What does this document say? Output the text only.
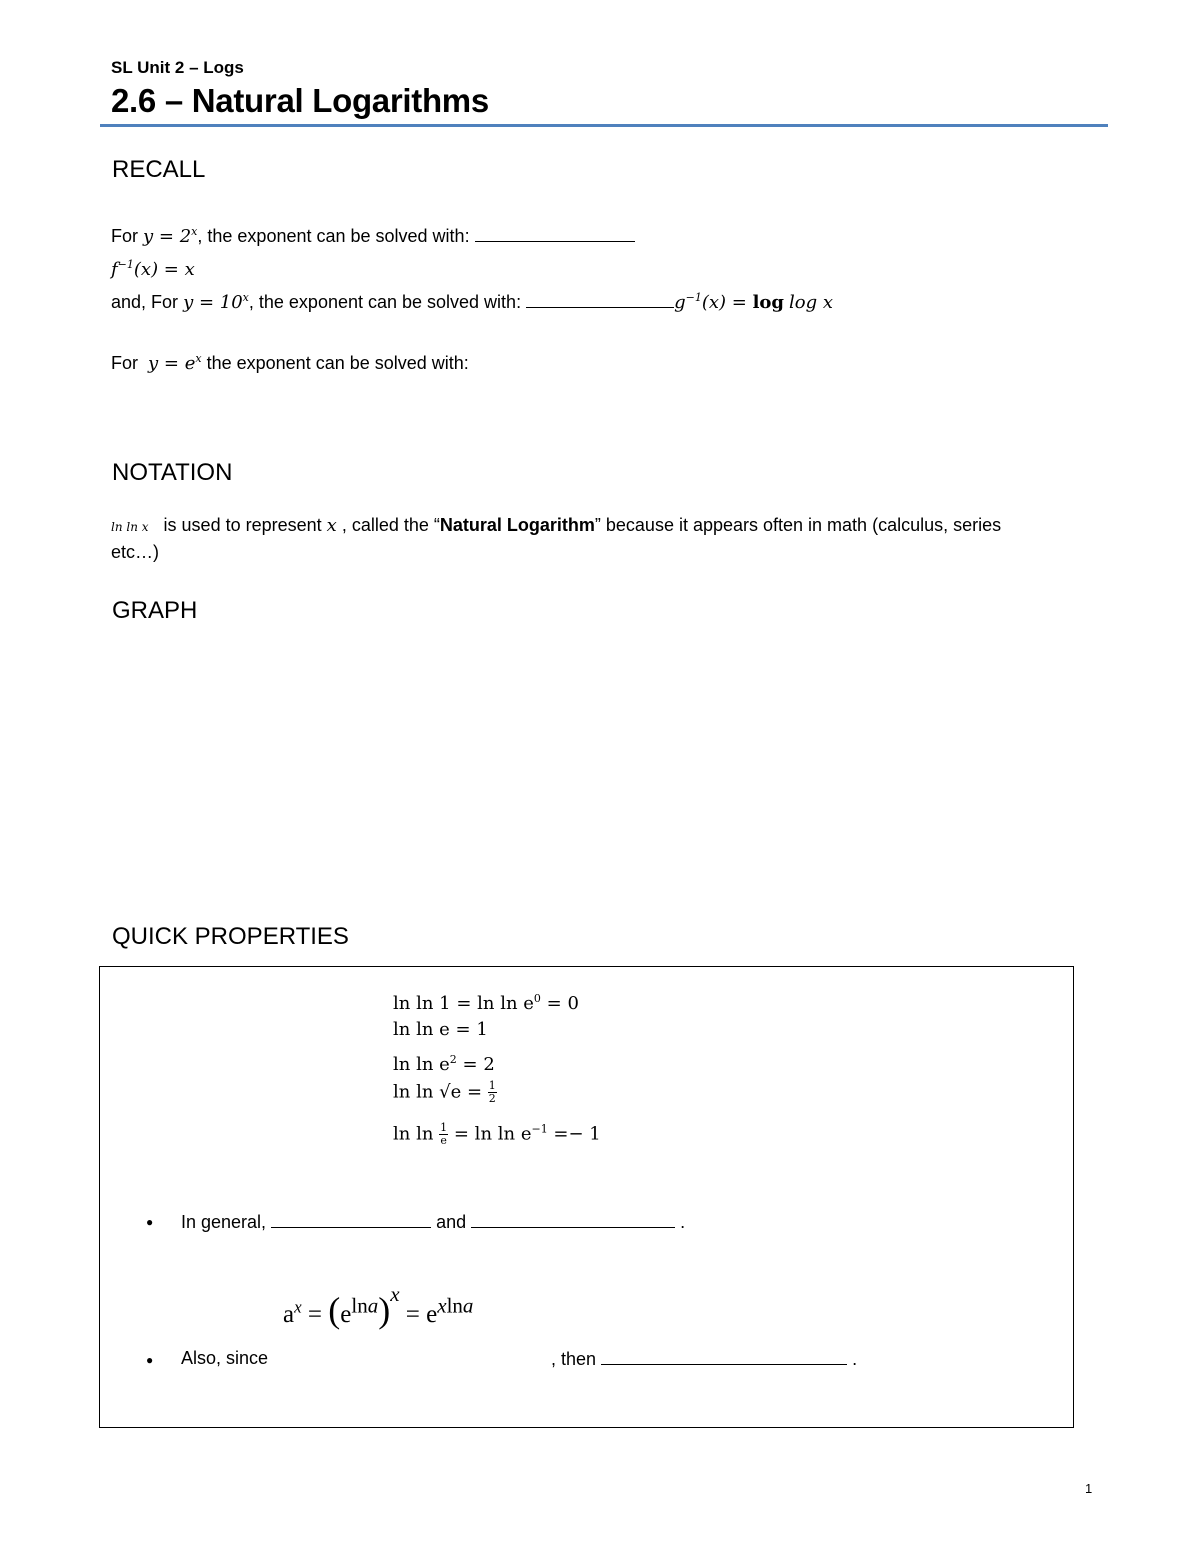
SL Unit 2 – Logs
2.6 – Natural Logarithms
RECALL
For $y = 2^x$, the exponent can be solved with:
$f^{-1}(x) = x$
and, For $y = 10^x$, the exponent can be solved with:	$g^{-1}(x) = \log \log x$
For $y = e^x$ the exponent can be solved with:
NOTATION
ln ln x is used to represent x , called the “Natural Logarithm” because it appears often in math (calculus, series
etc…)
GRAPH
QUICK PROPERTIES
$\ln \ln 1 = \ln \ln e^0 = 0$
ln ln e = 1
$\ln \ln e^2 = 2$
$\ln \ln √e = \frac{1}{2}$
$\ln \ln \frac{1}{e} = \ln \ln e^{-1} =- 1$
● In general,	and	.
$a^x = (e^{lna})^x = e^{xlna}$
● Also, since	, then	.
1
